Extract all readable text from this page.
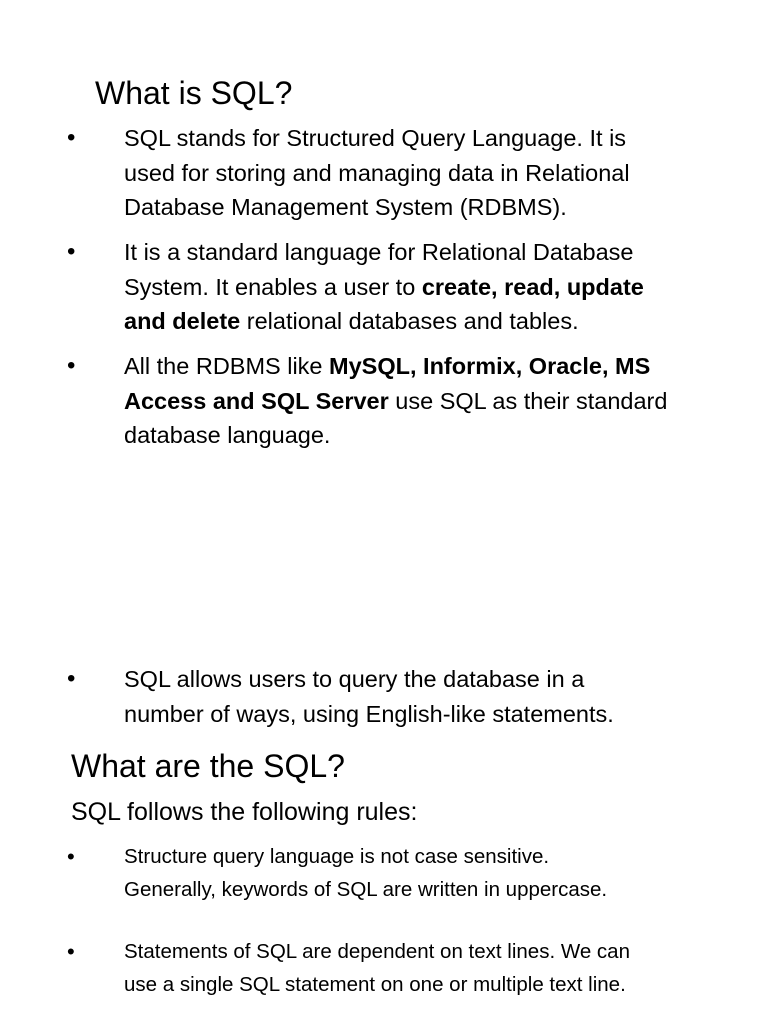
What is SQL?
• SQL stands for Structured Query Language. It is
used for storing and managing data in Relational
Database Management System (RDBMS).

• It is a standard language for Relational Database
System. It enables a user to create, read, update
and delete relational databases and tables.

• All the RDBMS like MySQL, Informix, Oracle, MS
Access and SQL Server use SQL as their standard
database language.

• SQL allows users to query the database in a
number of ways, using English-like statements.

What are the SQL?

SQL follows the following rules:

• Structure query language is not case sensitive.
Generally, keywords of SQL are written in uppercase.

• Statements of SQL are dependent on text lines. We can
use a single SQL statement on one or multiple text line.
